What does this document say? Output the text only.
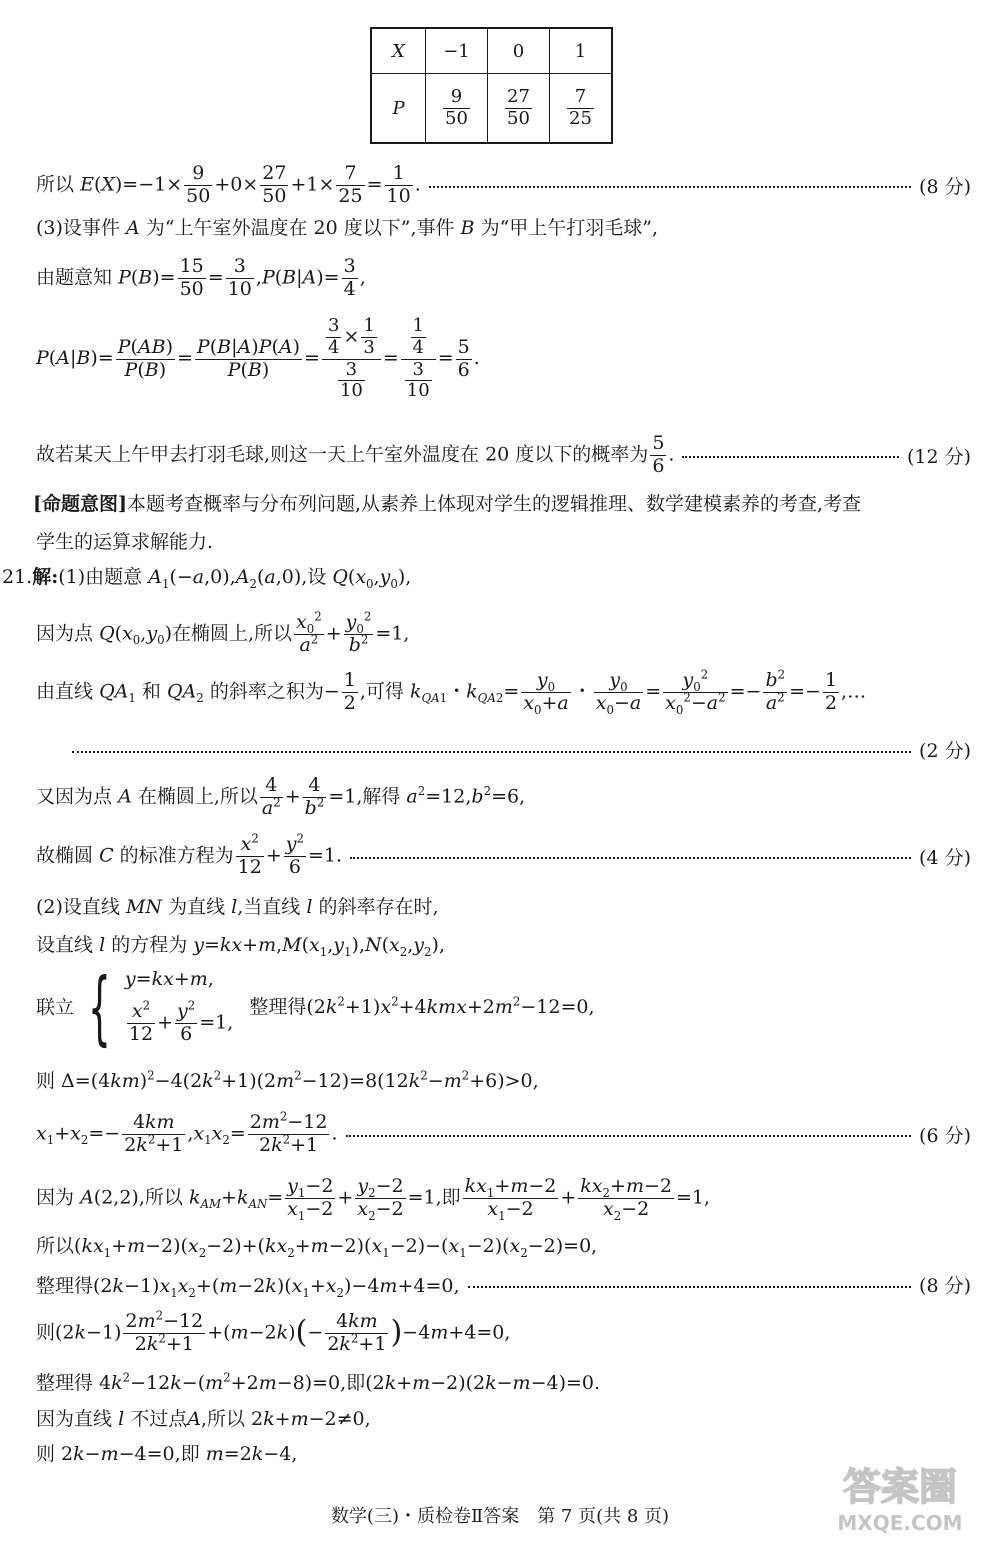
X	−1	0	1
P	$\frac{9}{50}$	$\frac{27}{50}$	$\frac{7}{25}$
所以 $E(X)=-1\times \frac{9}{50} +0\times \frac{27}{50} +1\times \frac{7}{25} = \frac{1}{10}$ .	(8 分)
(3)设事件 A 为“上午室外温度在 20 度以下”,事件 B 为“甲上午打羽毛球”,
由题意知 $P(B)= \frac{15}{50} = \frac{3}{10} ,P(B|A)= \frac{3}{4}$ ,
$P(A|B)= \frac{P(AB)}{P(B)} = \frac{P(B|A)P(A)}{P(B)} = \frac{\frac{3}{4} \times \frac{1}{3}}{\frac{3}{10}} = \frac{\frac{1}{4}}{\frac{3}{10}} = \frac{5}{6}$ .
故若某天上午甲去打羽毛球,则这一天上午室外温度在 20 度以下的概率为 $\frac{5}{6}$ .	(12 分)
[命题意图]本题考查概率与分布列问题,从素养上体现对学生的逻辑推理、数学建模素养的考查,考查
学生的运算求解能力.
21.解:(1)由题意 $A_1(-a,0),A_2(a,0)$,设 $Q(x_0,y_0)$,
因为点 $Q(x_0,y_0)$在椭圆上,所以 $\frac{x_0^2}{a^2} + \frac{y_0^2}{b^2} =1$,
由直线 $QA_1$ 和 $QA_2$ 的斜率之积为− $\frac{1}{2}$ ,可得 $k_{QA1}$・$k_{QA2}= \frac{y_0}{x_0+a}$ ・ $\frac{y_0}{x_0-a} = \frac{y_0^2}{x_0^2-a^2} =- \frac{b^2}{a^2} =- \frac{1}{2}$ ,…
(2 分)
又因为点 A 在椭圆上,所以 $\frac{4}{a^2} + \frac{4}{b^2} =1$,解得 $a^2=12,b^2=6$,
故椭圆 C 的标准方程为 $\frac{x^2}{12} + \frac{y^2}{6} =1$.	(4 分)
(2)设直线 MN 为直线 l,当直线 l 的斜率存在时,
设直线 l 的方程为 $y=kx+m,M(x_1,y_1),N(x_2,y_2)$,
联立 { y=kx+m,
$\frac{x^2}{12} + \frac{y^2}{6} =1$,
整理得$(2k^2+1)x^2+4kmx+2m^2-12=0$,
则 $\Delta=(4km)^2-4(2k^2+1)(2m^2-12)=8(12k^2-m^2+6)>0$,
$x_1+x_2=- \frac{4km}{2k^2+1} ,x_1x_2= \frac{2m^2-12}{2k^2+1}$ .	(6 分)
因为 A(2,2),所以 $k_{AM}+k_{AN}= \frac{y_1-2}{x_1-2} + \frac{y_2-2}{x_2-2} =1$,即 $\frac{kx_1+m-2}{x_1-2} + \frac{kx_2+m-2}{x_2-2} =1$,
所以$(kx_1+m-2)(x_2-2)+(kx_2+m-2)(x_1-2)-(x_1-2)(x_2-2)=0$,
整理得$(2k-1)x_1x_2+(m-2k)(x_1+x_2)-4m+4=0$,	(8 分)
则$(2k-1) \frac{2m^2-12}{2k^2+1} +(m-2k)(- \frac{4km}{2k^2+1} )-4m+4=0$,
整理得 $4k^2-12k-(m^2+2m-8)=0$,即(2k+m−2)(2k−m−4)=0.
因为直线 l 不过点A,所以 2k+m−2≠0,
则 2k−m−4=0,即 m=2k−4,
数学(三)・质检卷Ⅱ答案　第 7 页(共 8 页)
答案圈
MXQE.COM
